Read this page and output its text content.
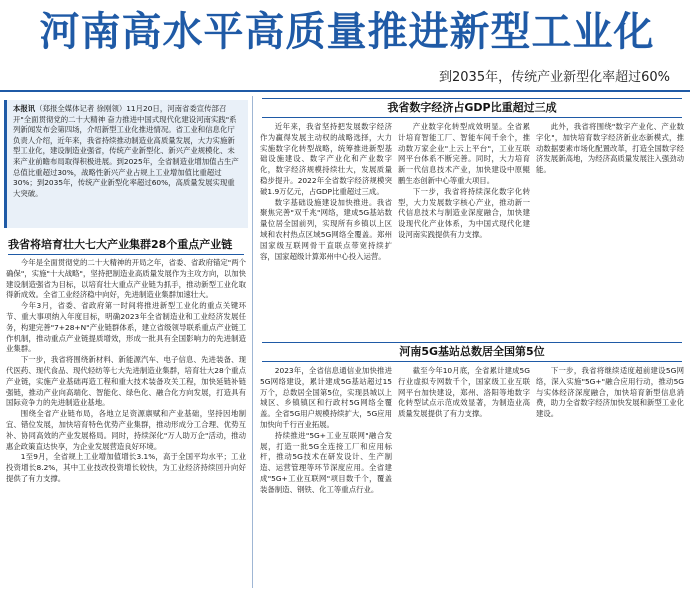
河南高水平高质量推进新型工业化
到2035年，传统产业新型化率超过60%
本报讯（郑报全媒体记者 徐刚领）11月20日，河南省委宣传部召开"全面贯彻党的二十大精神 奋力推进中国式现代化建设河南实践"系列新闻发布会第四场，介绍新型工业化推进情况。省工业和信息化厅负责人介绍，近年来，我省持续推动制造业高质量发展，大力实施新型工业化，建设制造业强省，传统产业新型化、新兴产业规模化、未来产业前瞻布局取得积极进展。到2025年，全省制造业增加值占生产总值比重超过30%，战略性新兴产业占规上工业增加值比重超过30%；到2035年，传统产业新型化率超过60%，高质量发展实现重大突破。
我省将培育壮大七大产业集群28个重点产业链

今年是全面贯彻党的二十大精神的开局之年，省委、省政府锚定"两个确保"，实施"十大战略"，坚持把制造业高质量发展作为主攻方向，以加快建设制造强省为目标，以培育壮大重点产业链为抓手，推动新型工业化取得新成效。全省工业经济稳中向好，先进制造业集群加速壮大。

今年3月，省委、省政府第一时间将推进新型工业化的重点关键环节、重大事项纳入年度目标，明确2023年全省制造业和工业经济发展任务，构建完善"7+28+N"产业链群体系，建立省级领导联系重点产业链工作机制，推动重点产业链提质增效，形成一批具有全国影响力的先进制造业集群。

下一步，我省将围绕新材料、新能源汽车、电子信息、先进装备、现代医药、现代食品、现代轻纺等七大先进制造业集群，培育壮大28个重点产业链，实施产业基础再造工程和重大技术装备攻关工程，加快延链补链强链，推动产业向高端化、智能化、绿色化、融合化方向发展，打造具有国际竞争力的先进制造业基地。

围绕全省产业链布局，各地立足资源禀赋和产业基础，坚持因地制宜、错位发展，加快培育特色优势产业集群，推动形成分工合理、优势互补、协同高效的产业发展格局。同时，持续深化"万人助万企"活动，推动惠企政策直达快享，为企业发展营造良好环境。

1至9月，全省规上工业增加值增长3.1%，高于全国平均水平；工业投资增长8.2%，其中工业技改投资增长较快，为工业经济持续回升向好提供了有力支撑。

我省数字经济占GDP比重超过三成

近年来，我省坚持把发展数字经济作为赢得发展主动权的战略选择，大力实施数字化转型战略，统筹推进新型基础设施建设、数字产业化和产业数字化，数字经济规模持续壮大，发展质量稳步提升。2022年全省数字经济规模突破1.9万亿元，占GDP比重超过三成。

数字基础设施建设加快推进。我省聚焦完善"双千兆"网络，建成5G基站数量位居全国前列，实现所有乡镇以上区域和农村热点区域5G网络全覆盖。郑州国家级互联网骨干直联点带宽持续扩容，国家超级计算郑州中心投入运营。

产业数字化转型成效明显。全省累计培育智能工厂、智能车间千余个，推动数万家企业"上云上平台"，工业互联网平台体系不断完善。同时，大力培育新一代信息技术产业，加快建设中原鲲鹏生态创新中心等重大项目。

下一步，我省将持续深化数字化转型，大力发展数字核心产业，推动新一代信息技术与制造业深度融合，加快建设现代化产业体系，为中国式现代化建设河南实践提供有力支撑。

此外，我省将围绕"数字产业化、产业数字化"，加快培育数字经济新业态新模式，推动数据要素市场化配置改革，打造全国数字经济发展新高地，为经济高质量发展注入强劲动能。

河南5G基站总数居全国第5位

2023年，全省信息通信业加快推进5G网络建设，累计建成5G基站超过15万个，总数居全国第5位，实现县城以上城区、乡镇镇区和行政村5G网络全覆盖。全省5G用户规模持续扩大，5G应用加快向千行百业拓展。

持续推进"5G+工业互联网"融合发展，打造一批5G全连接工厂和应用标杆，推动5G技术在研发设计、生产制造、运营管理等环节深度应用。全省建成"5G+工业互联网"项目数千个，覆盖装备制造、钢铁、化工等重点行业。

截至今年10月底，全省累计建成5G行业虚拟专网数千个，国家级工业互联网平台加快建设，郑州、洛阳等地数字化转型试点示范成效显著，为制造业高质量发展提供了有力支撑。

下一步，我省将继续适度超前建设5G网络，深入实施"5G+"融合应用行动，推动5G与实体经济深度融合，加快培育新型信息消费，助力全省数字经济加快发展和新型工业化建设。
